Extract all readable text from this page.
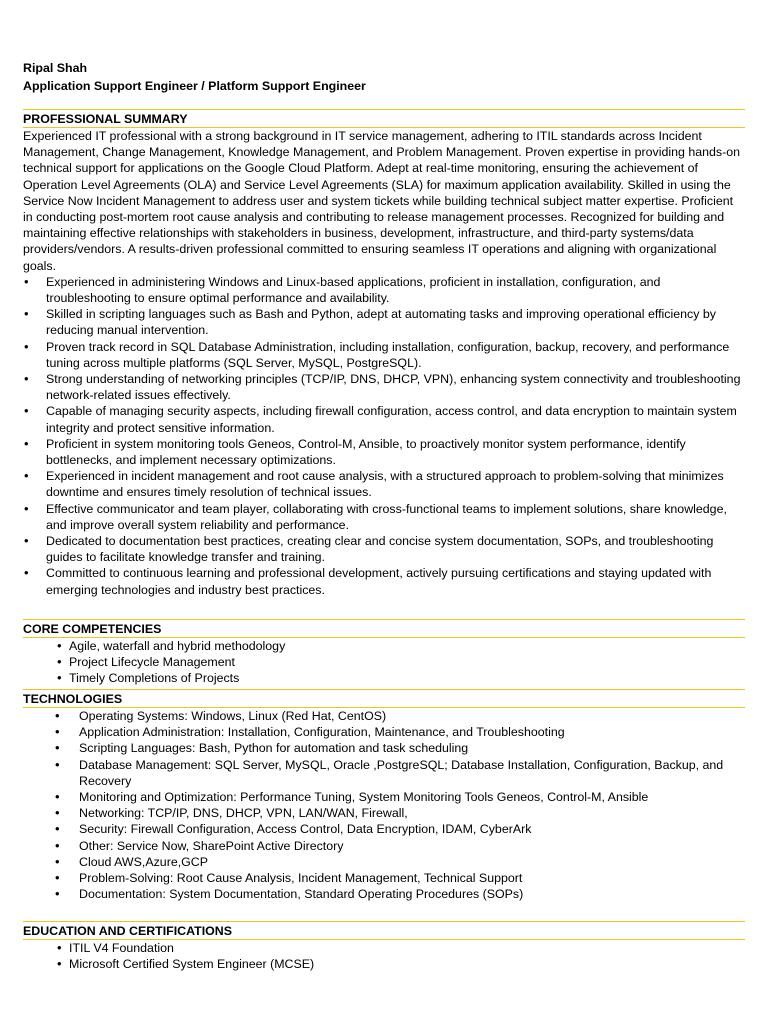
Ripal Shah
Application Support Engineer / Platform Support Engineer
PROFESSIONAL SUMMARY

Experienced IT professional with a strong background in IT service management, adhering to ITIL standards across Incident Management, Change Management, Knowledge Management, and Problem Management. Proven expertise in providing hands-on technical support for applications on the Google Cloud Platform. Adept at real-time monitoring, ensuring the achievement of Operation Level Agreements (OLA) and Service Level Agreements (SLA) for maximum application availability. Skilled in using the Service Now Incident Management to address user and system tickets while building technical subject matter expertise. Proficient in conducting post-mortem root cause analysis and contributing to release management processes. Recognized for building and maintaining effective relationships with stakeholders in business, development, infrastructure, and third-party systems/data providers/vendors. A results-driven professional committed to ensuring seamless IT operations and aligning with organizational goals.

• Experienced in administering Windows and Linux-based applications, proficient in installation, configuration, and troubleshooting to ensure optimal performance and availability.
• Skilled in scripting languages such as Bash and Python, adept at automating tasks and improving operational efficiency by reducing manual intervention.
• Proven track record in SQL Database Administration, including installation, configuration, backup, recovery, and performance tuning across multiple platforms (SQL Server, MySQL, PostgreSQL).
• Strong understanding of networking principles (TCP/IP, DNS, DHCP, VPN), enhancing system connectivity and troubleshooting network-related issues effectively.
• Capable of managing security aspects, including firewall configuration, access control, and data encryption to maintain system integrity and protect sensitive information.
• Proficient in system monitoring tools Geneos, Control-M, Ansible, to proactively monitor system performance, identify bottlenecks, and implement necessary optimizations.
• Experienced in incident management and root cause analysis, with a structured approach to problem-solving that minimizes downtime and ensures timely resolution of technical issues.
• Effective communicator and team player, collaborating with cross-functional teams to implement solutions, share knowledge, and improve overall system reliability and performance.
• Dedicated to documentation best practices, creating clear and concise system documentation, SOPs, and troubleshooting guides to facilitate knowledge transfer and training.
• Committed to continuous learning and professional development, actively pursuing certifications and staying updated with emerging technologies and industry best practices.
CORE COMPETENCIES
• Agile, waterfall and hybrid methodology
• Project Lifecycle Management
• Timely Completions of Projects
TECHNOLOGIES
• Operating Systems: Windows, Linux (Red Hat, CentOS)
• Application Administration: Installation, Configuration, Maintenance, and Troubleshooting
• Scripting Languages: Bash, Python for automation and task scheduling
• Database Management: SQL Server, MySQL, Oracle ,PostgreSQL; Database Installation, Configuration, Backup, and Recovery
• Monitoring and Optimization: Performance Tuning, System Monitoring Tools Geneos, Control-M, Ansible
• Networking: TCP/IP, DNS, DHCP, VPN, LAN/WAN, Firewall,
• Security: Firewall Configuration, Access Control, Data Encryption, IDAM, CyberArk
• Other: Service Now, SharePoint Active Directory
• Cloud AWS,Azure,GCP
• Problem-Solving: Root Cause Analysis, Incident Management, Technical Support
• Documentation: System Documentation, Standard Operating Procedures (SOPs)
EDUCATION AND CERTIFICATIONS
• ITIL V4 Foundation
• Microsoft Certified System Engineer (MCSE)
